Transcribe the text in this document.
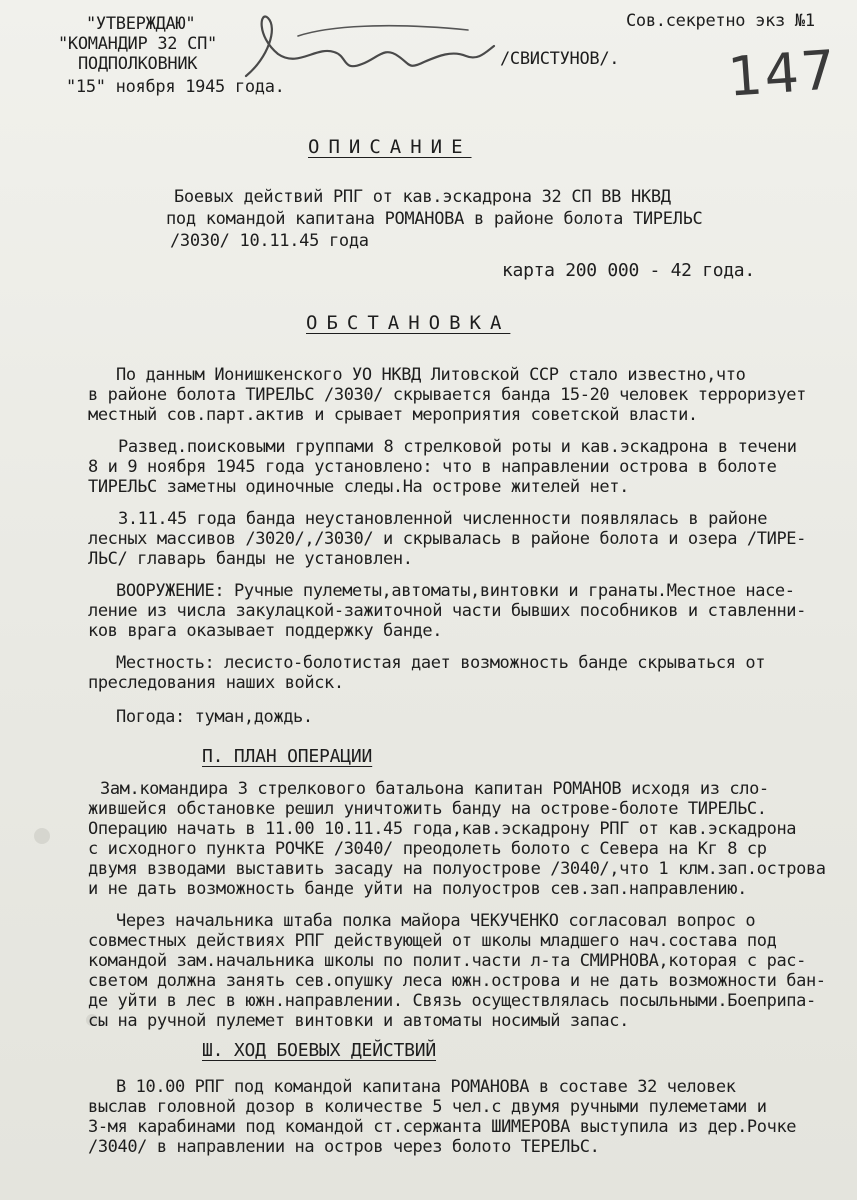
"УТВЕРЖДАЮ"
"КОМАНДИР 32 СП"
ПОДПОЛКОВНИК
"15" ноября 1945 года.
/СВИСТУНОВ/.
Сов.секретно экз №1
147
ОПИСАНИЕ
Боевых действий РПГ от кав.эскадрона 32 СП ВВ НКВД
под командой капитана РОМАНОВА в районе болота ТИРЕЛЬС
/3030/ 10.11.45 года
карта 200 000 - 42 года.
ОБСТАНОВКА
По данным Ионишкенского УО НКВД Литовской ССР стало известно,что
в районе болота ТИРЕЛЬС /3030/ скрывается банда 15-20 человек терроризует
местный сов.парт.актив и срывает мероприятия советской власти.
Развед.поисковыми группами 8 стрелковой роты и кав.эскадрона в течени
8 и 9 ноября 1945 года установлено: что в направлении острова в болоте
ТИРЕЛЬС заметны одиночные следы.На острове жителей нет.
3.11.45 года банда неустановленной численности появлялась в районе
лесных массивов /3020/,/3030/ и скрывалась в районе болота и озера /ТИРЕ-
ЛЬС/ главарь банды не установлен.
ВООРУЖЕНИЕ: Ручные пулеметы,автоматы,винтовки и гранаты.Местное насе-
ление из числа закулацкой-зажиточной части бывших пособников и ставленни-
ков врага оказывает поддержку банде.
Местность: лесисто-болотистая дает возможность банде скрываться от
преследования наших войск.
Погода: туман,дождь.
П. ПЛАН ОПЕРАЦИИ
Зам.командира 3 стрелкового батальона капитан РОМАНОВ исходя из сло-
жившейся обстановке решил уничтожить банду на острове-болоте ТИРЕЛЬС.
Операцию начать в 11.00 10.11.45 года,кав.эскадрону РПГ от кав.эскадрона
с исходного пункта РОЧКЕ /3040/ преодолеть болото с Севера на Кг 8 ср
двумя взводами выставить засаду на полуострове /3040/,что 1 клм.зап.острова
и не дать возможность банде уйти на полуостров сев.зап.направлению.
Через начальника штаба полка майора ЧЕКУЧЕНКО согласовал вопрос о
совместных действиях РПГ действующей от школы младшего нач.состава под
командой зам.начальника школы по полит.части л-та СМИРНОВА,которая с рас-
светом должна занять сев.опушку леса южн.острова и не дать возможности бан-
де уйти в лес в южн.направлении. Связь осуществлялась посыльными.Боеприпа-
сы на ручной пулемет винтовки и автоматы носимый запас.
Ш. ХОД БОЕВЫХ ДЕЙСТВИЙ
В 10.00 РПГ под командой капитана РОМАНОВА в составе 32 человек
выслав головной дозор в количестве 5 чел.с двумя ручными пулеметами и
3-мя карабинами под командой ст.сержанта ШИМЕРОВА выступила из дер.Рочке
/3040/ в направлении на остров через болото ТЕРЕЛЬС.
